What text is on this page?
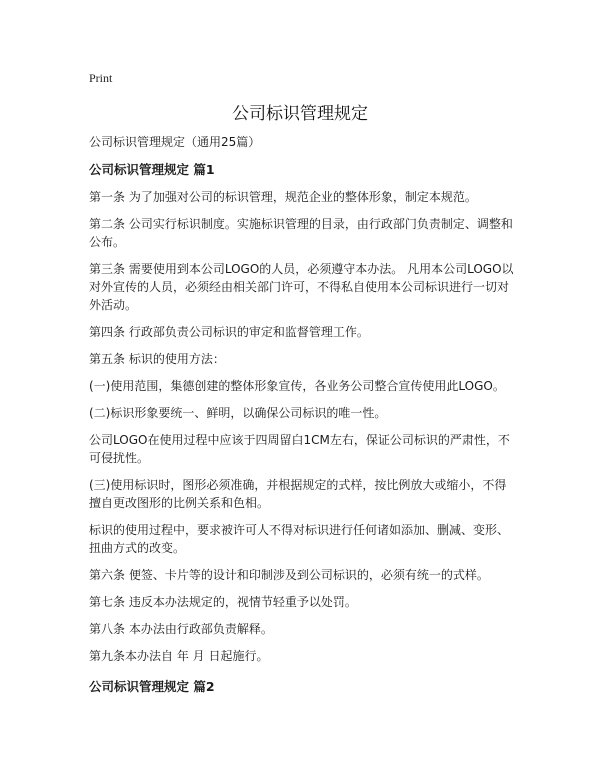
Print
公司标识管理规定

公司标识管理规定（通用25篇）

公司标识管理规定 篇1

第一条 为了加强对公司的标识管理，规范企业的整体形象，制定本规范。

第二条 公司实行标识制度。实施标识管理的目录，由行政部门负责制定、调整和公布。

第三条 需要使用到本公司LOGO的人员，必须遵守本办法。 凡用本公司LOGO以对外宣传的人员，必须经由相关部门许可，不得私自使用本公司标识进行一切对外活动。

第四条 行政部负责公司标识的审定和监督管理工作。

第五条 标识的使用方法：

(一)使用范围，集德创建的整体形象宣传，各业务公司整合宣传使用此LOGO。

(二)标识形象要统一、鲜明，以确保公司标识的唯一性。

公司LOGO在使用过程中应该于四周留白1CM左右，保证公司标识的严肃性，不可侵扰性。

(三)使用标识时，图形必须准确，并根据规定的式样，按比例放大或缩小，不得擅自更改图形的比例关系和色相。

标识的使用过程中，要求被许可人不得对标识进行任何诸如添加、删减、变形、扭曲方式的改变。

第六条 便签、卡片等的设计和印制涉及到公司标识的，必须有统一的式样。

第七条 违反本办法规定的，视情节轻重予以处罚。

第八条 本办法由行政部负责解释。

第九条本办法自 年 月 日起施行。

公司标识管理规定 篇2
